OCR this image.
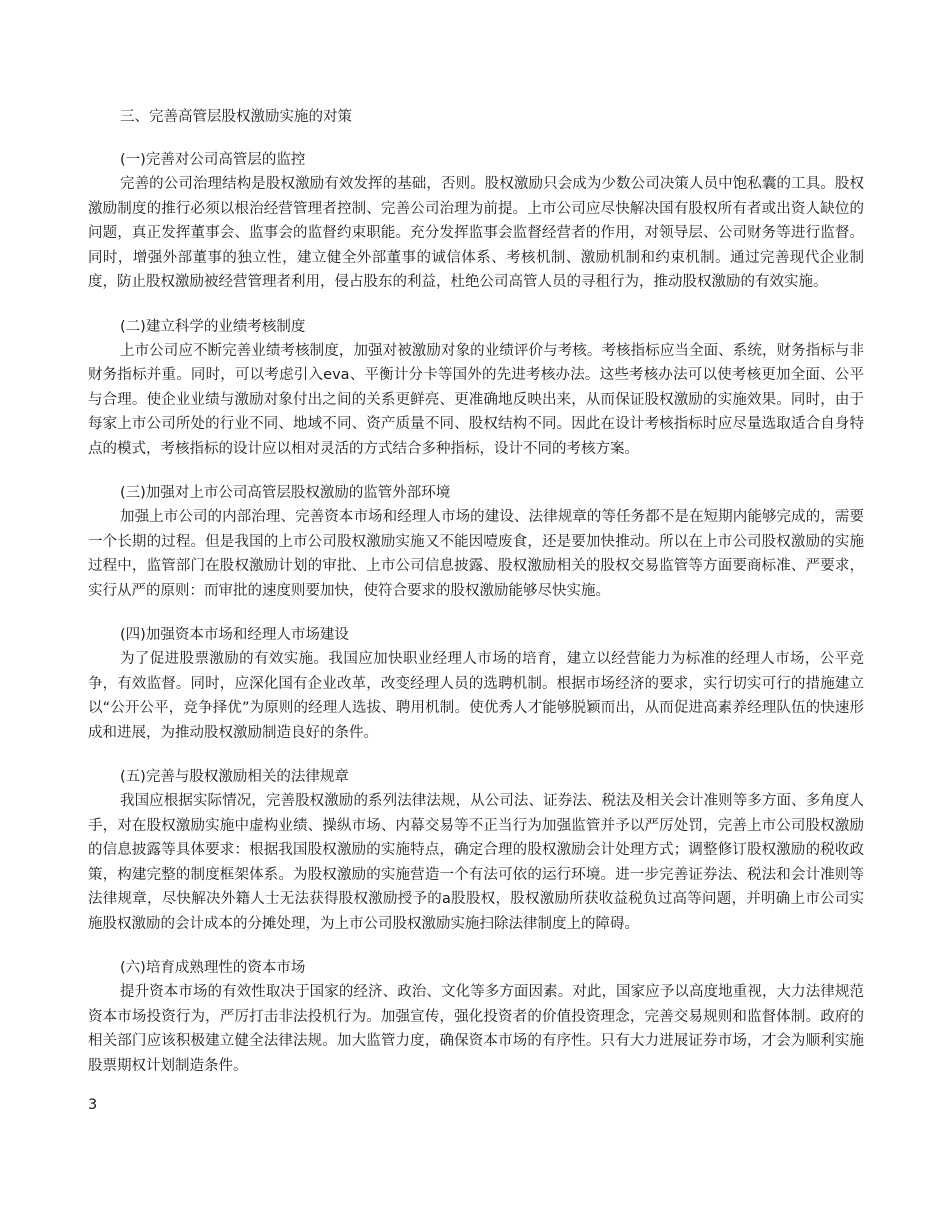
三、完善高管层股权激励实施的对策
(一)完善对公司高管层的监控

完善的公司治理结构是股权激励有效发挥的基础，否则。股权激励只会成为少数公司决策人员中饱私囊的工具。股权激励制度的推行必须以根治经营管理者控制、完善公司治理为前提。上市公司应尽快解决国有股权所有者或出资人缺位的问题，真正发挥董事会、监事会的监督约束职能。充分发挥监事会监督经营者的作用，对领导层、公司财务等进行监督。同时，增强外部董事的独立性，建立健全外部董事的诚信体系、考核机制、激励机制和约束机制。通过完善现代企业制度，防止股权激励被经营管理者利用，侵占股东的利益，杜绝公司高管人员的寻租行为，推动股权激励的有效实施。

(二)建立科学的业绩考核制度

上市公司应不断完善业绩考核制度，加强对被激励对象的业绩评价与考核。考核指标应当全面、系统，财务指标与非财务指标并重。同时，可以考虑引入eva、平衡计分卡等国外的先进考核办法。这些考核办法可以使考核更加全面、公平与合理。使企业业绩与激励对象付出之间的关系更鲜亮、更准确地反映出来，从而保证股权激励的实施效果。同时，由于每家上市公司所处的行业不同、地域不同、资产质量不同、股权结构不同。因此在设计考核指标时应尽量选取适合自身特点的模式，考核指标的设计应以相对灵活的方式结合多种指标，设计不同的考核方案。

(三)加强对上市公司高管层股权激励的监管外部环境

加强上市公司的内部治理、完善资本市场和经理人市场的建设、法律规章的等任务都不是在短期内能够完成的，需要一个长期的过程。但是我国的上市公司股权激励实施又不能因噎废食，还是要加快推动。所以在上市公司股权激励的实施过程中，监管部门在股权激励计划的审批、上市公司信息披露、股权激励相关的股权交易监管等方面要商标准、严要求，实行从严的原则：而审批的速度则要加快，使符合要求的股权激励能够尽快实施。

(四)加强资本市场和经理人市场建设

为了促进股票激励的有效实施。我国应加快职业经理人市场的培育，建立以经营能力为标准的经理人市场，公平竞争，有效监督。同时，应深化国有企业改革，改变经理人员的选聘机制。根据市场经济的要求，实行切实可行的措施建立以“公开公平，竞争择优”为原则的经理人选拔、聘用机制。使优秀人才能够脱颖而出，从而促进高素养经理队伍的快速形成和进展，为推动股权激励制造良好的条件。

(五)完善与股权激励相关的法律规章

我国应根据实际情况，完善股权激励的系列法律法规，从公司法、证券法、税法及相关会计准则等多方面、多角度人手，对在股权激励实施中虚构业绩、操纵市场、内幕交易等不正当行为加强监管并予以严厉处罚，完善上市公司股权激励的信息披露等具体要求：根据我国股权激励的实施特点，确定合理的股权激励会计处理方式；调整修订股权激励的税收政策，构建完整的制度框架体系。为股权激励的实施营造一个有法可依的运行环境。进一步完善证券法、税法和会计准则等法律规章，尽快解决外籍人士无法获得股权激励授予的a股股权，股权激励所获收益税负过高等问题，并明确上市公司实施股权激励的会计成本的分摊处理，为上市公司股权激励实施扫除法律制度上的障碍。

(六)培育成熟理性的资本市场

提升资本市场的有效性取决于国家的经济、政治、文化等多方面因素。对此，国家应予以高度地重视，大力法律规范资本市场投资行为，严厉打击非法投机行为。加强宣传，强化投资者的价值投资理念，完善交易规则和监督体制。政府的相关部门应该积极建立健全法律法规。加大监管力度，确保资本市场的有序性。只有大力进展证券市场，才会为顺利实施股票期权计划制造条件。

3
